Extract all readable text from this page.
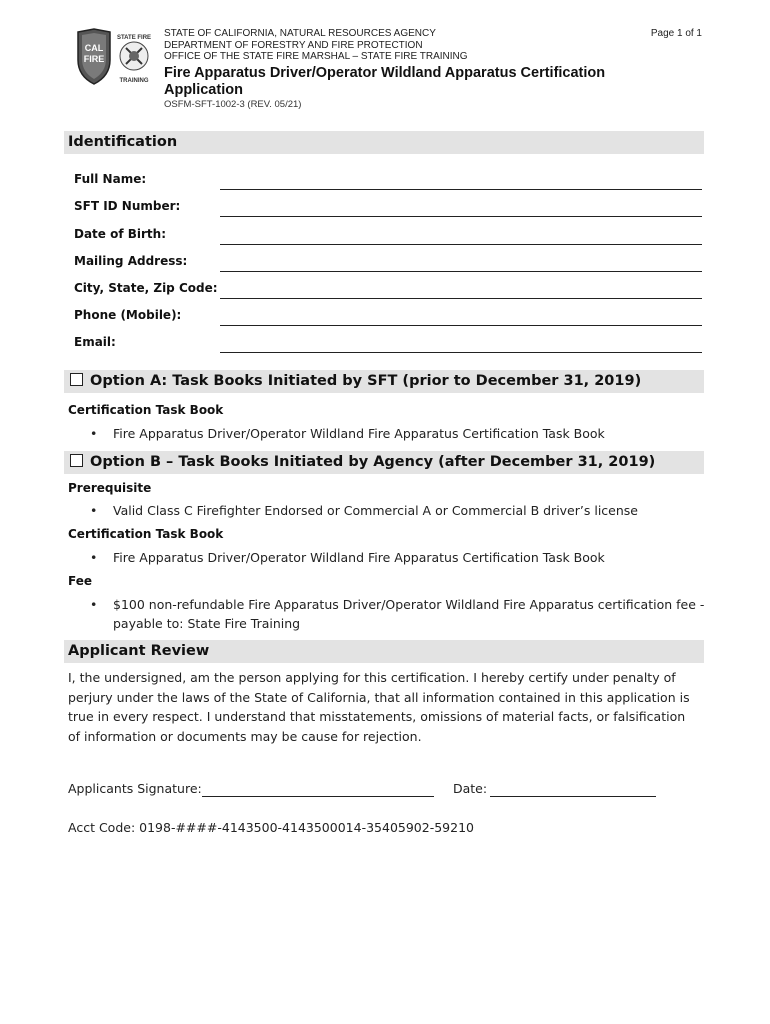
CAL
FIRE
STATE FIRE
TRAINING
STATE OF CALIFORNIA, NATURAL RESOURCES AGENCY
DEPARTMENT OF FORESTRY AND FIRE PROTECTION
OFFICE OF THE STATE FIRE MARSHAL – STATE FIRE TRAINING
Page 1 of 1
Fire Apparatus Driver/Operator Wildland Apparatus Certification Application
OSFM-SFT-1002-3 (REV. 05/21)
Identification
Full Name:
SFT ID Number:
Date of Birth:
Mailing Address:
City, State, Zip Code:
Phone (Mobile):
Email:
Option A: Task Books Initiated by SFT (prior to December 31, 2019)
Certification Task Book
• Fire Apparatus Driver/Operator Wildland Fire Apparatus Certification Task Book
Option B – Task Books Initiated by Agency (after December 31, 2019)
Prerequisite
• Valid Class C Firefighter Endorsed or Commercial A or Commercial B driver’s license
Certification Task Book
• Fire Apparatus Driver/Operator Wildland Fire Apparatus Certification Task Book
Fee
• $100 non-refundable Fire Apparatus Driver/Operator Wildland Fire Apparatus certification fee - payable to: State Fire Training
Applicant Review
I, the undersigned, am the person applying for this certification. I hereby certify under penalty of perjury under the laws of the State of California, that all information contained in this application is true in every respect. I understand that misstatements, omissions of material facts, or falsification of information or documents may be cause for rejection.
Applicants Signature:	Date:
Acct Code: 0198-####-4143500-4143500014-35405902-59210
